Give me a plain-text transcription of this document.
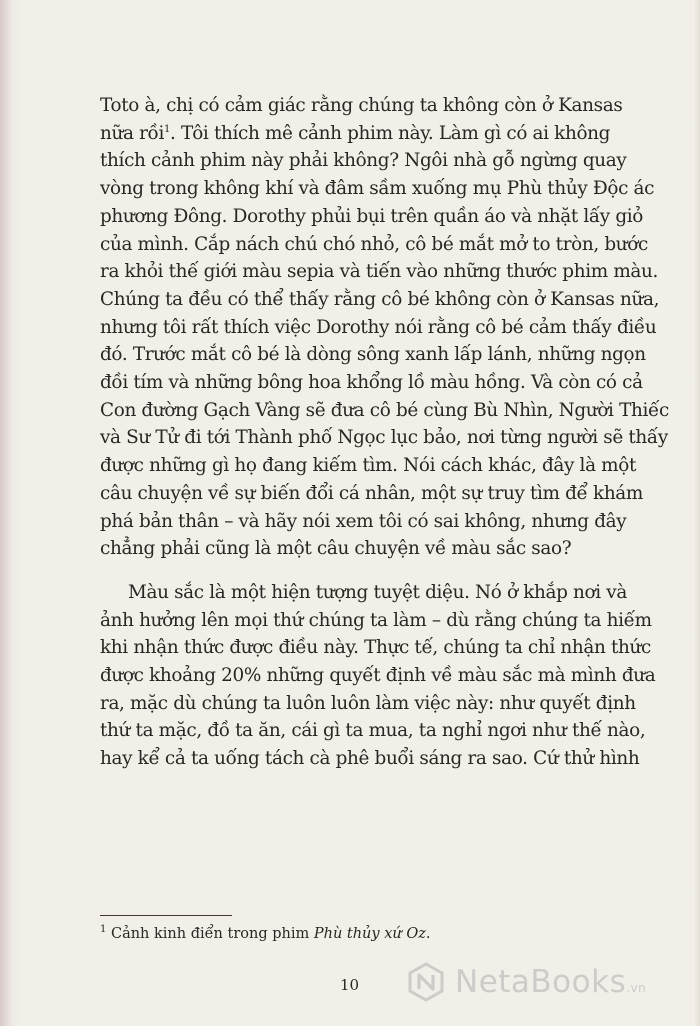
Toto à, chị có cảm giác rằng chúng ta không còn ở Kansas
nữa rồi$^1$. Tôi thích mê cảnh phim này. Làm gì có ai không
thích cảnh phim này phải không? Ngôi nhà gỗ ngừng quay
vòng trong không khí và đâm sầm xuống mụ Phù thủy Độc ác
phương Đông. Dorothy phủi bụi trên quần áo và nhặt lấy giỏ
của mình. Cắp nách chú chó nhỏ, cô bé mắt mở to tròn, bước
ra khỏi thế giới màu sepia và tiến vào những thước phim màu.
Chúng ta đều có thể thấy rằng cô bé không còn ở Kansas nữa,
nhưng tôi rất thích việc Dorothy nói rằng cô bé cảm thấy điều
đó. Trước mắt cô bé là dòng sông xanh lấp lánh, những ngọn
đồi tím và những bông hoa khổng lồ màu hồng. Và còn có cả
Con đường Gạch Vàng sẽ đưa cô bé cùng Bù Nhìn, Người Thiếc
và Sư Tử đi tới Thành phố Ngọc lục bảo, nơi từng người sẽ thấy
được những gì họ đang kiếm tìm. Nói cách khác, đây là một
câu chuyện về sự biến đổi cá nhân, một sự truy tìm để khám
phá bản thân – và hãy nói xem tôi có sai không, nhưng đây
chẳng phải cũng là một câu chuyện về màu sắc sao?
Màu sắc là một hiện tượng tuyệt diệu. Nó ở khắp nơi và
ảnh hưởng lên mọi thứ chúng ta làm – dù rằng chúng ta hiếm
khi nhận thức được điều này. Thực tế, chúng ta chỉ nhận thức
được khoảng 20% những quyết định về màu sắc mà mình đưa
ra, mặc dù chúng ta luôn luôn làm việc này: như quyết định
thứ ta mặc, đồ ta ăn, cái gì ta mua, ta nghỉ ngơi như thế nào,
hay kể cả ta uống tách cà phê buổi sáng ra sao. Cứ thử hình
$^1$ Cảnh kinh điển trong phim Phù thủy xứ Oz.
10	NetaBooks.vn
